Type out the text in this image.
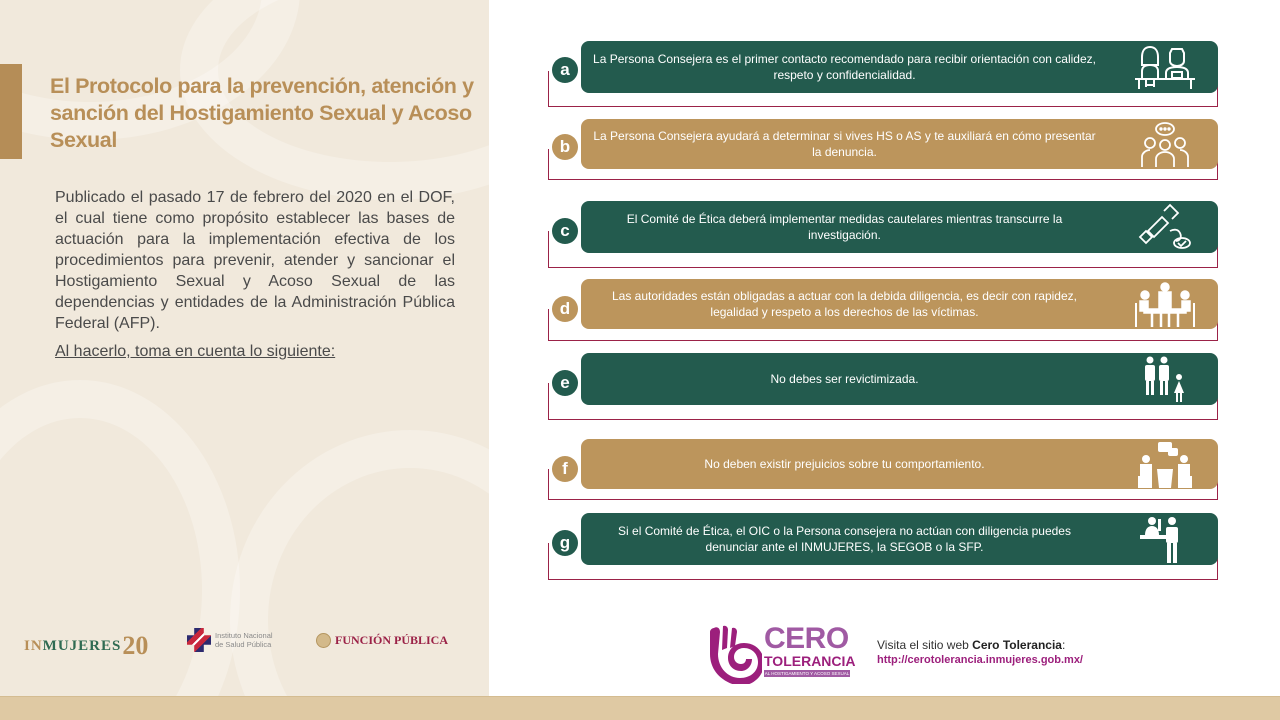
El Protocolo para la prevención, atención y sanción del Hostigamiento Sexual y Acoso Sexual

Publicado el pasado 17 de febrero del 2020 en el DOF, el cual tiene como propósito establecer las bases de actuación para la implementación efectiva de los procedimientos para prevenir, atender y sancionar el Hostigamiento Sexual y Acoso Sexual de las dependencias y entidades de la Administración Pública Federal (AFP).

Al hacerlo, toma en cuenta lo siguiente:

INMUJERES 20	Instituto Nacional
de Salud Pública	FUNCIÓN PÚBLICA
La Persona Consejera es el primer contacto recomendado para recibir orientación con calidez, respeto y confidencialidad.
a
La Persona Consejera ayudará a determinar si vives HS o AS y te auxiliará en cómo presentar la denuncia.
b
El Comité de Ética deberá implementar medidas cautelares mientras transcurre la investigación.
c
Las autoridades están obligadas a actuar con la debida diligencia, es decir con rapidez, legalidad y respeto a los derechos de las víctimas.
d
No debes ser revictimizada.
e
No deben existir prejuicios sobre tu comportamiento.
f
Si el Comité de Ética, el OIC o la Persona consejera no actúan con diligencia puedes denunciar ante el INMUJERES, la SEGOB o la SFP.
g
CERO
TOLERANCIA
AL HOSTIGAMIENTO Y ACOSO SEXUAL
Visita el sitio web Cero Tolerancia:
http://cerotolerancia.inmujeres.gob.mx/
